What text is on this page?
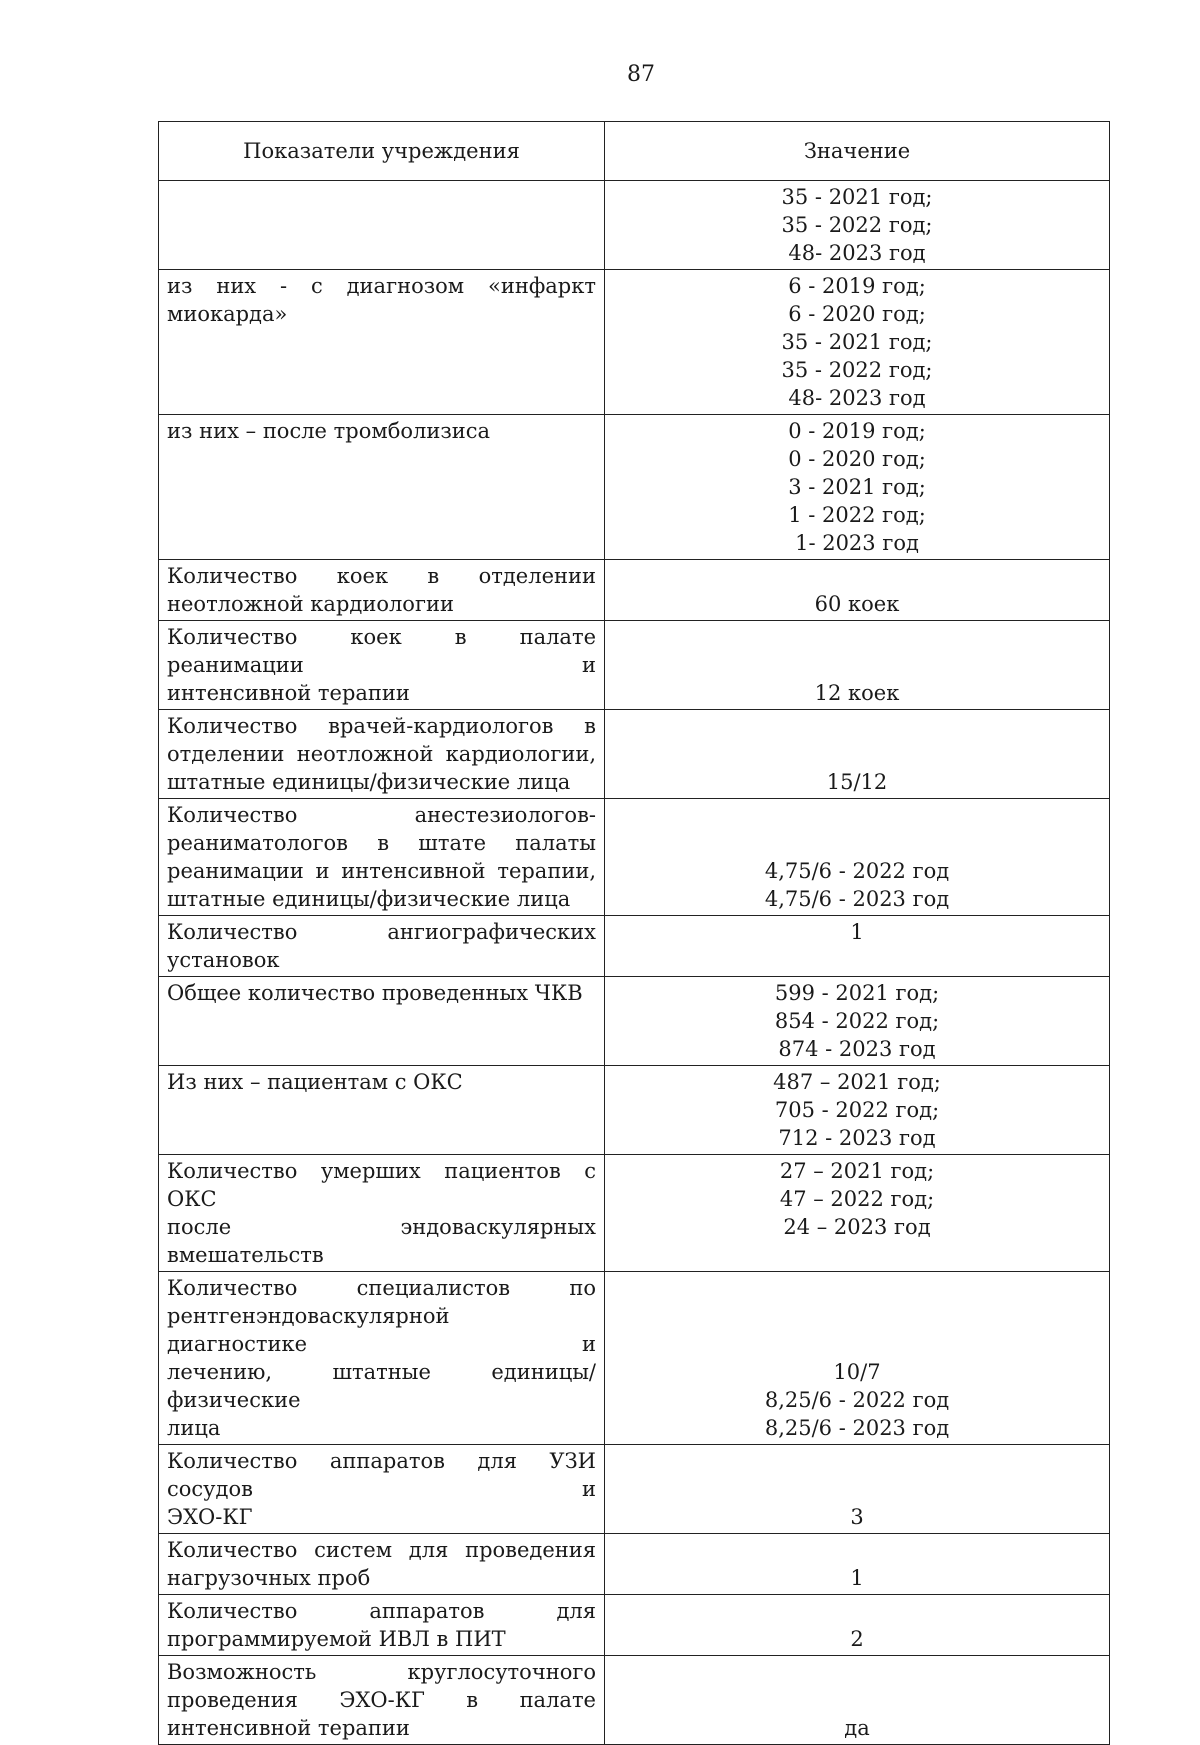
87
Показатели учреждения	Значение

	35 - 2021 год;
35 - 2022 год;
48- 2023 год

из них - с диагнозом «инфаркт миокарда»	6 - 2019 год;
6 - 2020 год;
35 - 2021 год;
35 - 2022 год;
48- 2023 год

из них – после тромболизиса	0 - 2019 год;
0 - 2020 год;
3 - 2021 год;
1 - 2022 год;
1- 2023 год

Количество коек в отделении
неотложной кардиологии	60 коек

Количество коек в палате реанимации и
интенсивной терапии	12 коек

Количество врачей-кардиологов в
отделении неотложной кардиологии,
штатные единицы/физические лица	15/12

Количество анестезиологов-
реаниматологов в штате палаты
реанимации и интенсивной терапии,
штатные единицы/физические лица	4,75/6 - 2022 год
4,75/6 - 2023 год

Количество ангиографических установок	1

Общее количество проведенных ЧКВ	599 - 2021 год;
854 - 2022 год;
874 - 2023 год

Из них – пациентам с ОКС	487 – 2021 год;
705 - 2022 год;
712 - 2023 год

Количество умерших пациентов с ОКС
после эндоваскулярных вмешательств	27 – 2021 год;
47 – 2022 год;
24 – 2023 год

Количество специалистов по
рентгенэндоваскулярной диагностике и
лечению, штатные единицы/физические
лица	10/7
8,25/6 - 2022 год
8,25/6 - 2023 год

Количество аппаратов для УЗИ сосудов и
ЭХО-КГ	3

Количество систем для проведения
нагрузочных проб	1

Количество аппаратов для
программируемой ИВЛ в ПИТ	2

Возможность круглосуточного
проведения ЭХО-КГ в палате
интенсивной терапии	да
